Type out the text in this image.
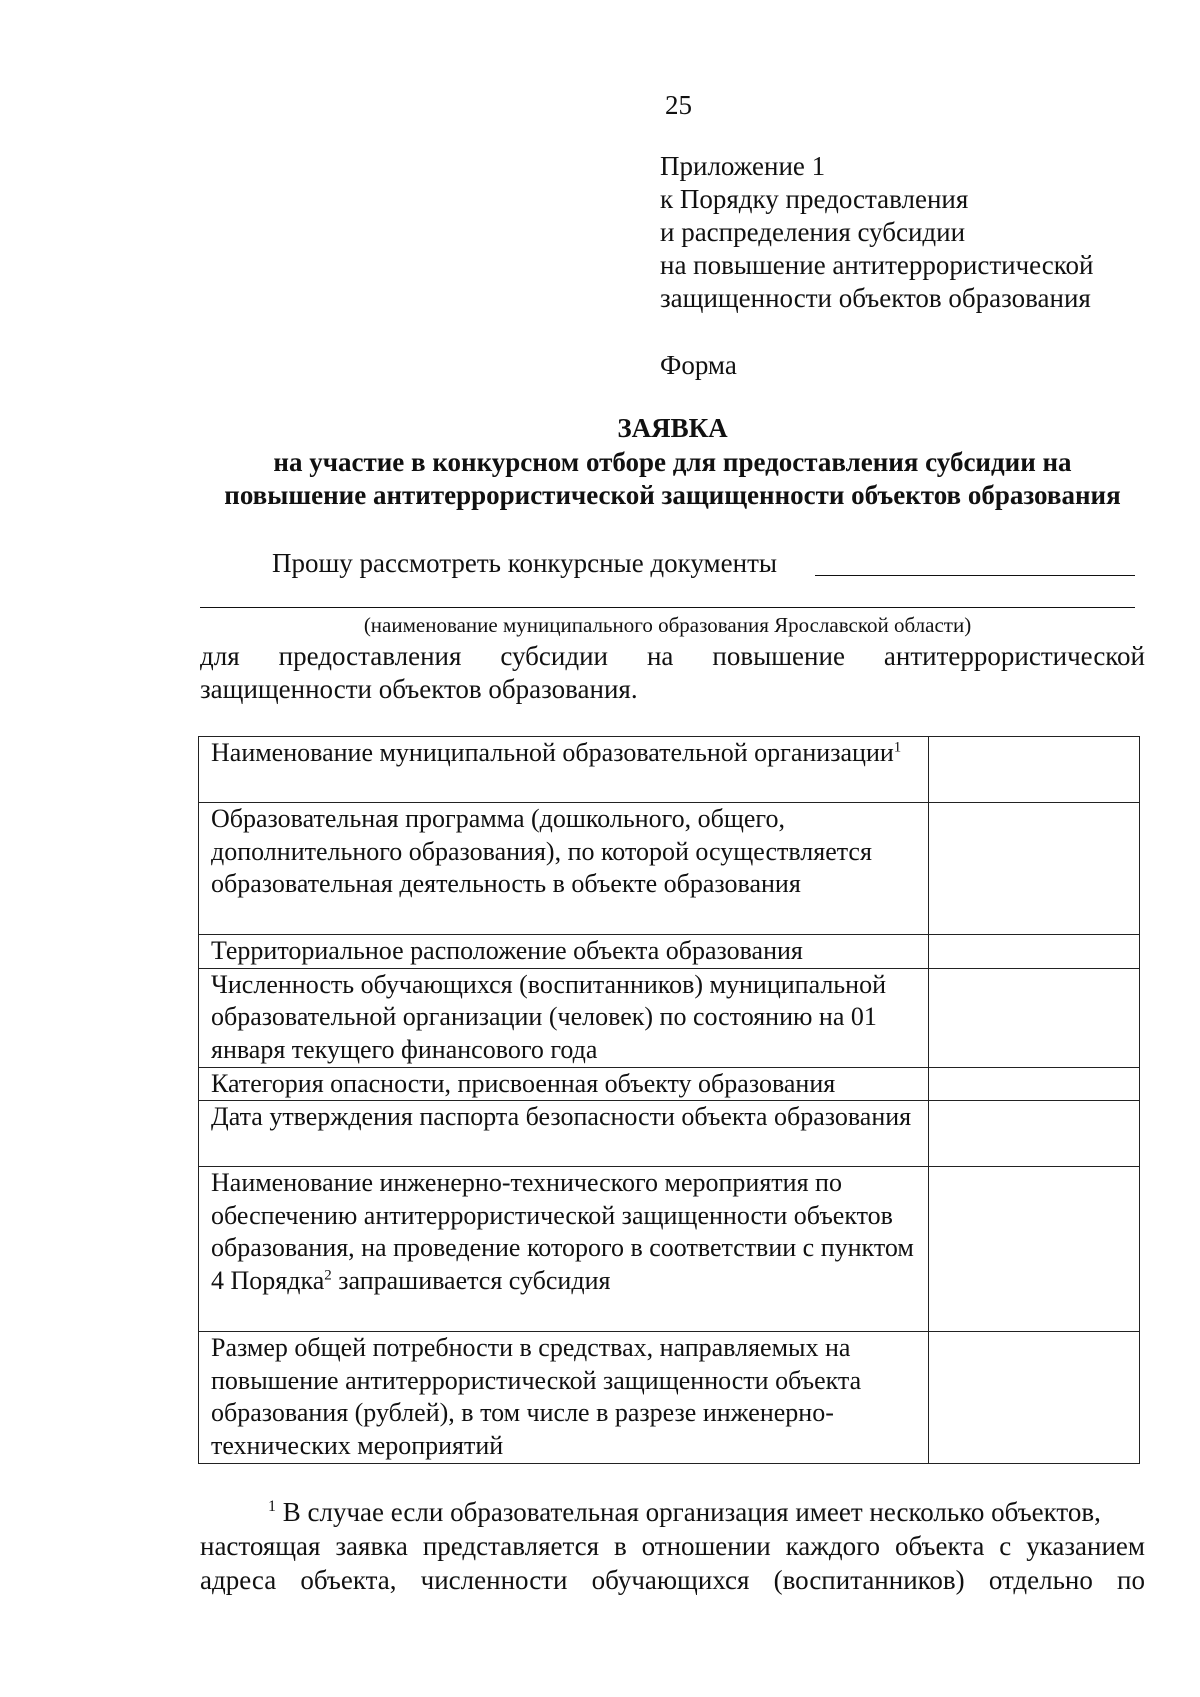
25
Приложение 1
к Порядку предоставления
и распределения субсидии
на повышение антитеррористической
защищенности объектов образования
Форма
ЗАЯВКА
на участие в конкурсном отборе для предоставления субсидии на
повышение антитеррористической защищенности объектов образования
Прошу рассмотреть конкурсные документы
(наименование муниципального образования Ярославской области)
для предоставления субсидии на повышение антитеррористической
защищенности объектов образования.
Наименование муниципальной образовательной организации$^1$	
Образовательная программа (дошкольного, общего, дополнительного образования), по которой осуществляется образовательная деятельность в объекте образования	
Территориальное расположение объекта образования	
Численность обучающихся (воспитанников) муниципальной образовательной организации (человек) по состоянию на 01 января текущего финансового года	
Категория опасности, присвоенная объекту образования	
Дата утверждения паспорта безопасности объекта образования	
Наименование инженерно-технического мероприятия по обеспечению антитеррористической защищенности объектов образования, на проведение которого в соответствии с пунктом 4 Порядка$^2$ запрашивается субсидия	
Размер общей потребности в средствах, направляемых на повышение антитеррористической защищенности объекта образования (рублей), в том числе в разрезе инженерно-технических мероприятий	
$^1$ В случае если образовательная организация имеет несколько объектов,
настоящая заявка представляется в отношении каждого объекта с указанием
адреса объекта, численности обучающихся (воспитанников) отдельно по
